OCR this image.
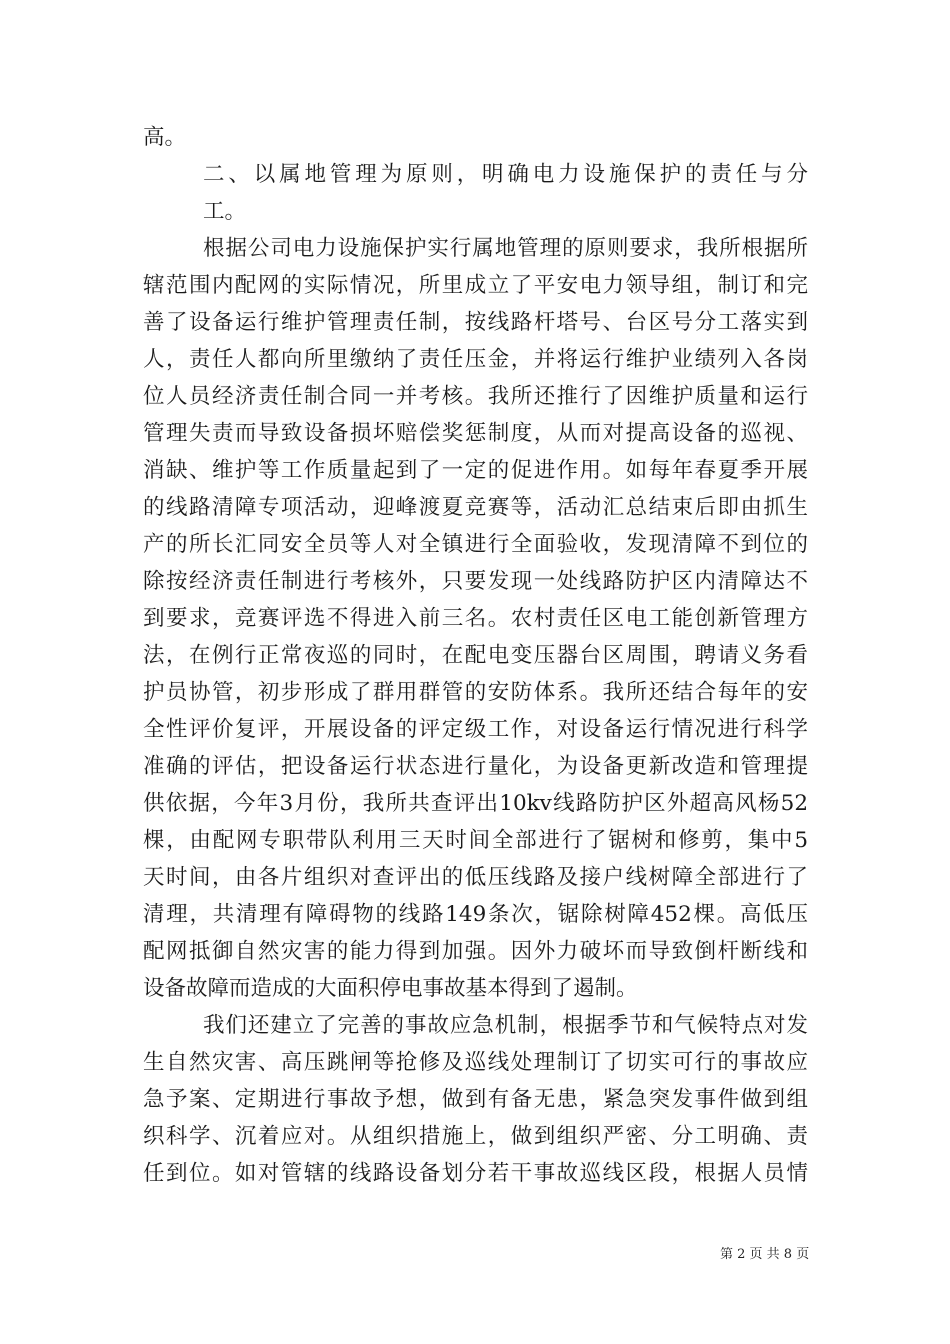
高。
二、以属地管理为原则，明确电力设施保护的责任与分
工。
根据公司电力设施保护实行属地管理的原则要求，我所根据所
辖范围内配网的实际情况，所里成立了平安电力领导组，制订和完
善了设备运行维护管理责任制，按线路杆塔号、台区号分工落实到
人，责任人都向所里缴纳了责任压金，并将运行维护业绩列入各岗
位人员经济责任制合同一并考核。我所还推行了因维护质量和运行
管理失责而导致设备损坏赔偿奖惩制度，从而对提高设备的巡视、
消缺、维护等工作质量起到了一定的促进作用。如每年春夏季开展
的线路清障专项活动，迎峰渡夏竞赛等，活动汇总结束后即由抓生
产的所长汇同安全员等人对全镇进行全面验收，发现清障不到位的
除按经济责任制进行考核外，只要发现一处线路防护区内清障达不
到要求，竞赛评选不得进入前三名。农村责任区电工能创新管理方
法，在例行正常夜巡的同时，在配电变压器台区周围，聘请义务看
护员协管，初步形成了群用群管的安防体系。我所还结合每年的安
全性评价复评，开展设备的评定级工作，对设备运行情况进行科学
准确的评估，把设备运行状态进行量化，为设备更新改造和管理提
供依据，今年3月份，我所共查评出10kv线路防护区外超高风杨52
棵，由配网专职带队利用三天时间全部进行了锯树和修剪，集中5
天时间，由各片组织对查评出的低压线路及接户线树障全部进行了
清理，共清理有障碍物的线路149条次，锯除树障452棵。高低压
配网抵御自然灾害的能力得到加强。因外力破坏而导致倒杆断线和
设备故障而造成的大面积停电事故基本得到了遏制。
我们还建立了完善的事故应急机制，根据季节和气候特点对发
生自然灾害、高压跳闸等抢修及巡线处理制订了切实可行的事故应
急予案、定期进行事故予想，做到有备无患，紧急突发事件做到组
织科学、沉着应对。从组织措施上，做到组织严密、分工明确、责
任到位。如对管辖的线路设备划分若干事故巡线区段，根据人员情
第 2 页 共 8 页
